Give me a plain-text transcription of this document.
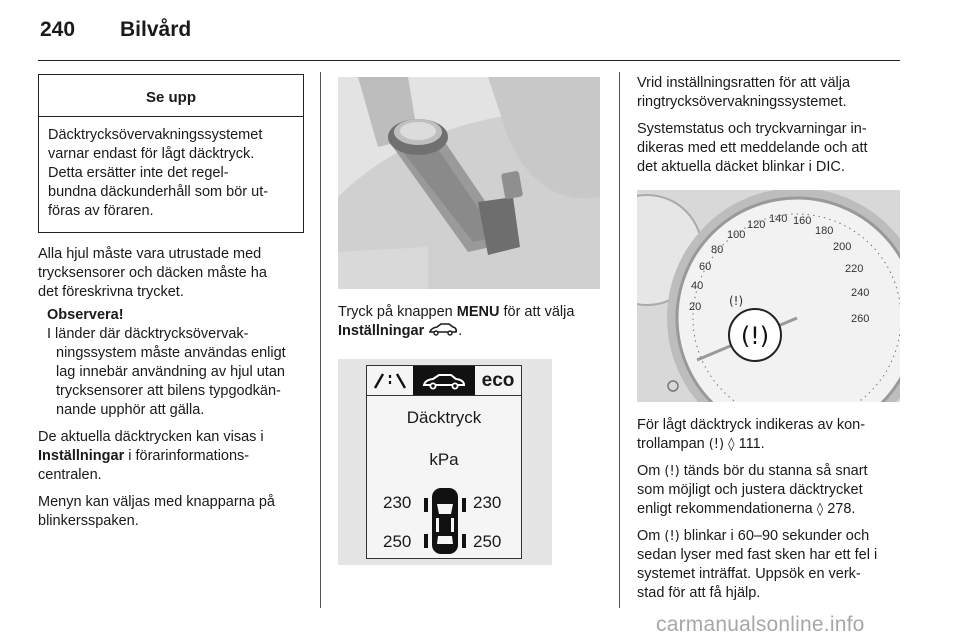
240	Bilvård
Se upp
Däcktrycksövervakningssystemet
varnar endast för lågt däcktryck.
Detta ersätter inte det regel-
bundna däckunderhåll som bör ut-
föras av föraren.

Alla hjul måste vara utrustade med

trycksensorer och däcken måste ha

det föreskrivna trycket.

Observera!
I länder där däcktrycksövervak-
ningssystem måste användas enligt
lag innebär användning av hjul utan
trycksensorer att bilens typgodkän-
nande upphör att gälla.

De aktuella däcktrycken kan visas i

Inställningar i förarinformations-

centralen.

Menyn kan väljas med knapparna på

blinkersspaken.

Tryck på knappen MENU för att välja

Inställningar .

eco
Däcktryck
kPa
230	230
250	250

Vrid inställningsratten för att välja

ringtrycksövervakningssystemet.

Systemstatus och tryckvarningar in-

dikeras med ett meddelande och att

det aktuella däcket blinkar i DIC.

(!)
(!)
20
40
60
80
100
120 140 160
180
200
220
240
260

För lågt däcktryck indikeras av kon-

trollampan (!) ◊ 111.

Om (!) tänds bör du stanna så snart

som möjligt och justera däcktrycket

enligt rekommendationerna ◊ 278.

Om (!) blinkar i 60–90 sekunder och

sedan lyser med fast sken har ett fel i

systemet inträffat. Uppsök en verk-

stad för att få hjälp.

carmanualsonline.info
